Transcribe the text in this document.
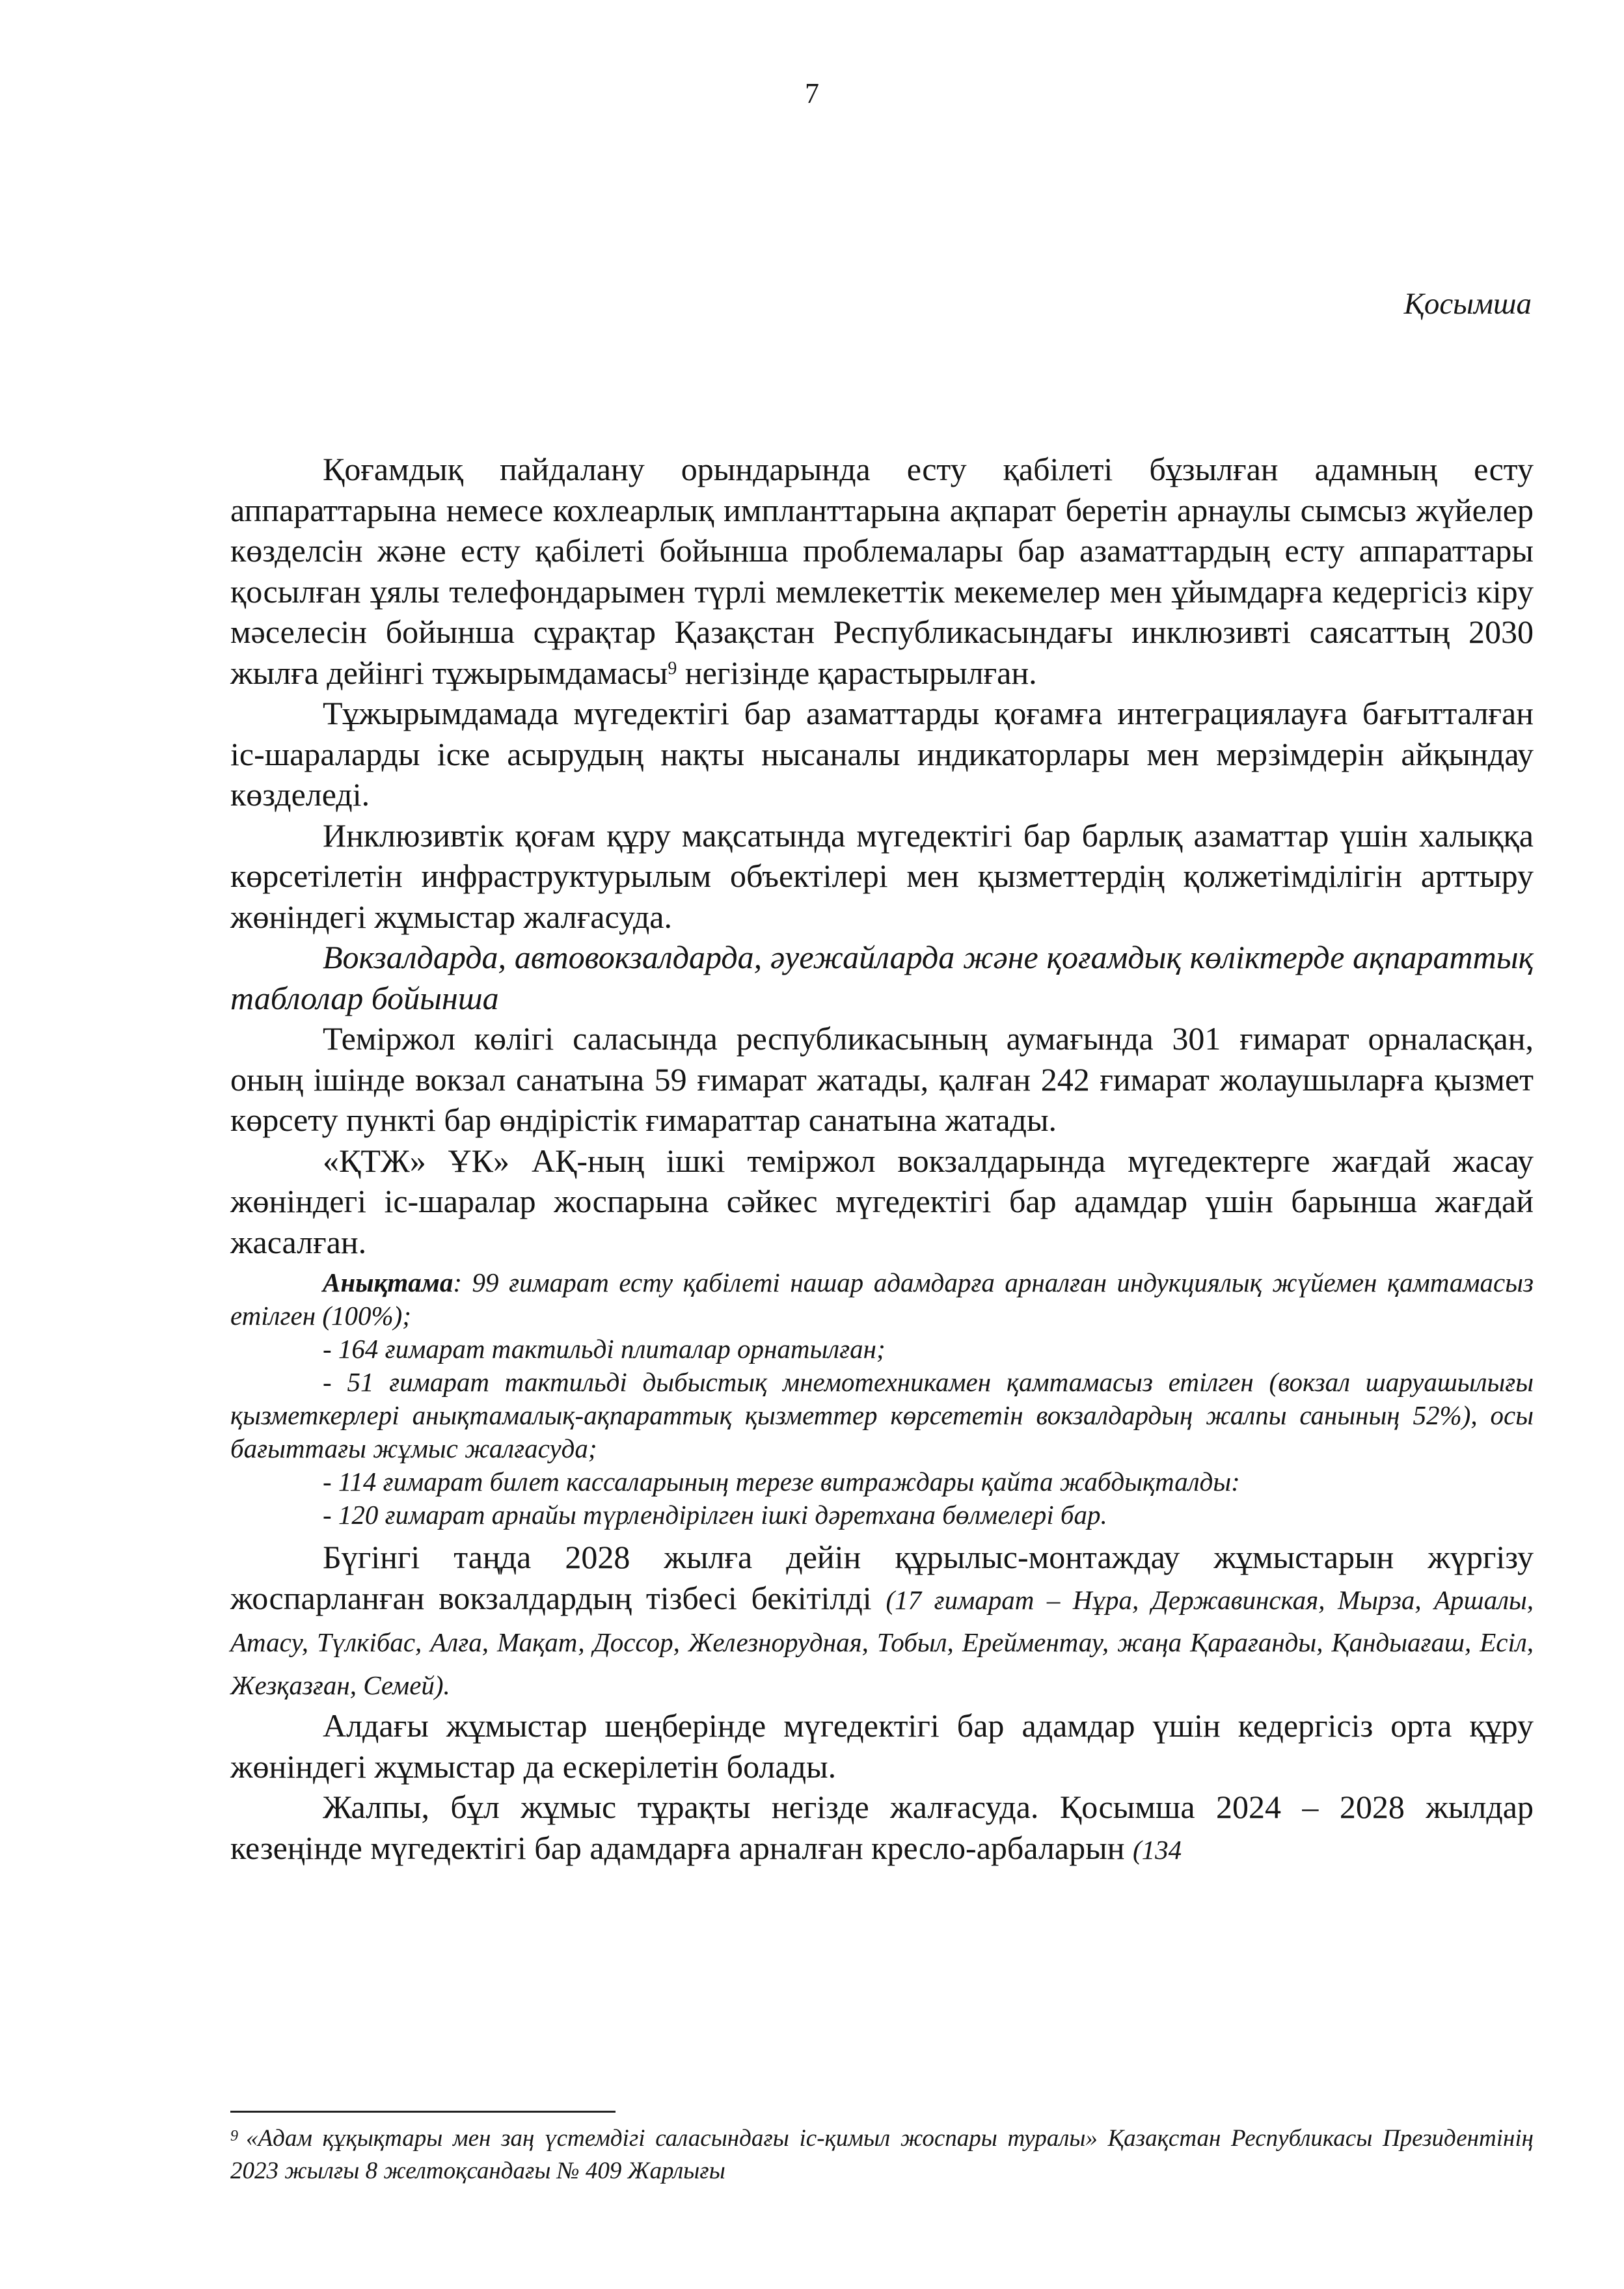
7
Қосымша

Қоғамдық пайдалану орындарында есту қабілеті бұзылған адамның есту аппараттарына немесе кохлеарлық импланттарына ақпарат беретін арнаулы сымсыз жүйелер көзделсін және есту қабілеті бойынша проблемалары бар азаматтардың есту аппараттары қосылған ұялы телефондарымен түрлі мемлекеттік мекемелер мен ұйымдарға кедергісіз кіру мәселесін бойынша сұрақтар Қазақстан Республикасындағы инклюзивті саясаттың 2030 жылға дейінгі тұжырымдамасы$^9$ негізінде қарастырылған.

Тұжырымдамада мүгедектігі бар азаматтарды қоғамға интеграциялауға бағытталған іс-шараларды іске асырудың нақты нысаналы индикаторлары мен мерзімдерін айқындау көзделеді.

Инклюзивтік қоғам құру мақсатында мүгедектігі бар барлық азаматтар үшін халыққа көрсетілетін инфраструктурылым объектілері мен қызметтердің қолжетімділігін арттыру жөніндегі жұмыстар жалғасуда.

Вокзалдарда, автовокзалдарда, әуежайларда және қоғамдық көліктерде ақпараттық таблолар бойынша

Теміржол көлігі саласында республикасының аумағында 301 ғимарат орналасқан, оның ішінде вокзал санатына 59 ғимарат жатады, қалған 242 ғимарат жолаушыларға қызмет көрсету пункті бар өндірістік ғимараттар санатына жатады.

«ҚТЖ» ҰК» АҚ-ның ішкі теміржол вокзалдарында мүгедектерге жағдай жасау жөніндегі іс-шаралар жоспарына сәйкес мүгедектігі бар адамдар үшін барынша жағдай жасалған.

Анықтама: 99 ғимарат есту қабілеті нашар адамдарға арналған индукциялық жүйемен қамтамасыз етілген (100%);

- 164 ғимарат тактильді плиталар орнатылған;

- 51 ғимарат тактильді дыбыстық мнемотехникамен қамтамасыз етілген (вокзал шаруашылығы қызметкерлері анықтамалық-ақпараттық қызметтер көрсететін вокзалдардың жалпы санының 52%), осы бағыттағы жұмыс жалғасуда;

- 114 ғимарат билет кассаларының терезе витраждары қайта жабдықталды:

- 120 ғимарат арнайы түрлендірілген ішкі дәретхана бөлмелері бар.

Бүгінгі таңда 2028 жылға дейін құрылыс-монтаждау жұмыстарын жүргізу жоспарланған вокзалдардың тізбесі бекітілді (17 ғимарат – Нұра, Державинская, Мырза, Аршалы, Атасу, Түлкібас, Алға, Мақат, Доссор, Железнорудная, Тобыл, Ерейментау, жаңа Қарағанды, Қандыағаш, Есіл, Жезқазған, Семей).

Алдағы жұмыстар шеңберінде мүгедектігі бар адамдар үшін кедергісіз орта құру жөніндегі жұмыстар да ескерілетін болады.

Жалпы, бұл жұмыс тұрақты негізде жалғасуда. Қосымша 2024 – 2028 жылдар кезеңінде мүгедектігі бар адамдарға арналған кресло-арбаларын (134

$^9$ «Адам құқықтары мен заң үстемдігі саласындағы іс-қимыл жоспары туралы» Қазақстан Республикасы Президентінің 2023 жылғы 8 желтоқсандағы № 409 Жарлығы
